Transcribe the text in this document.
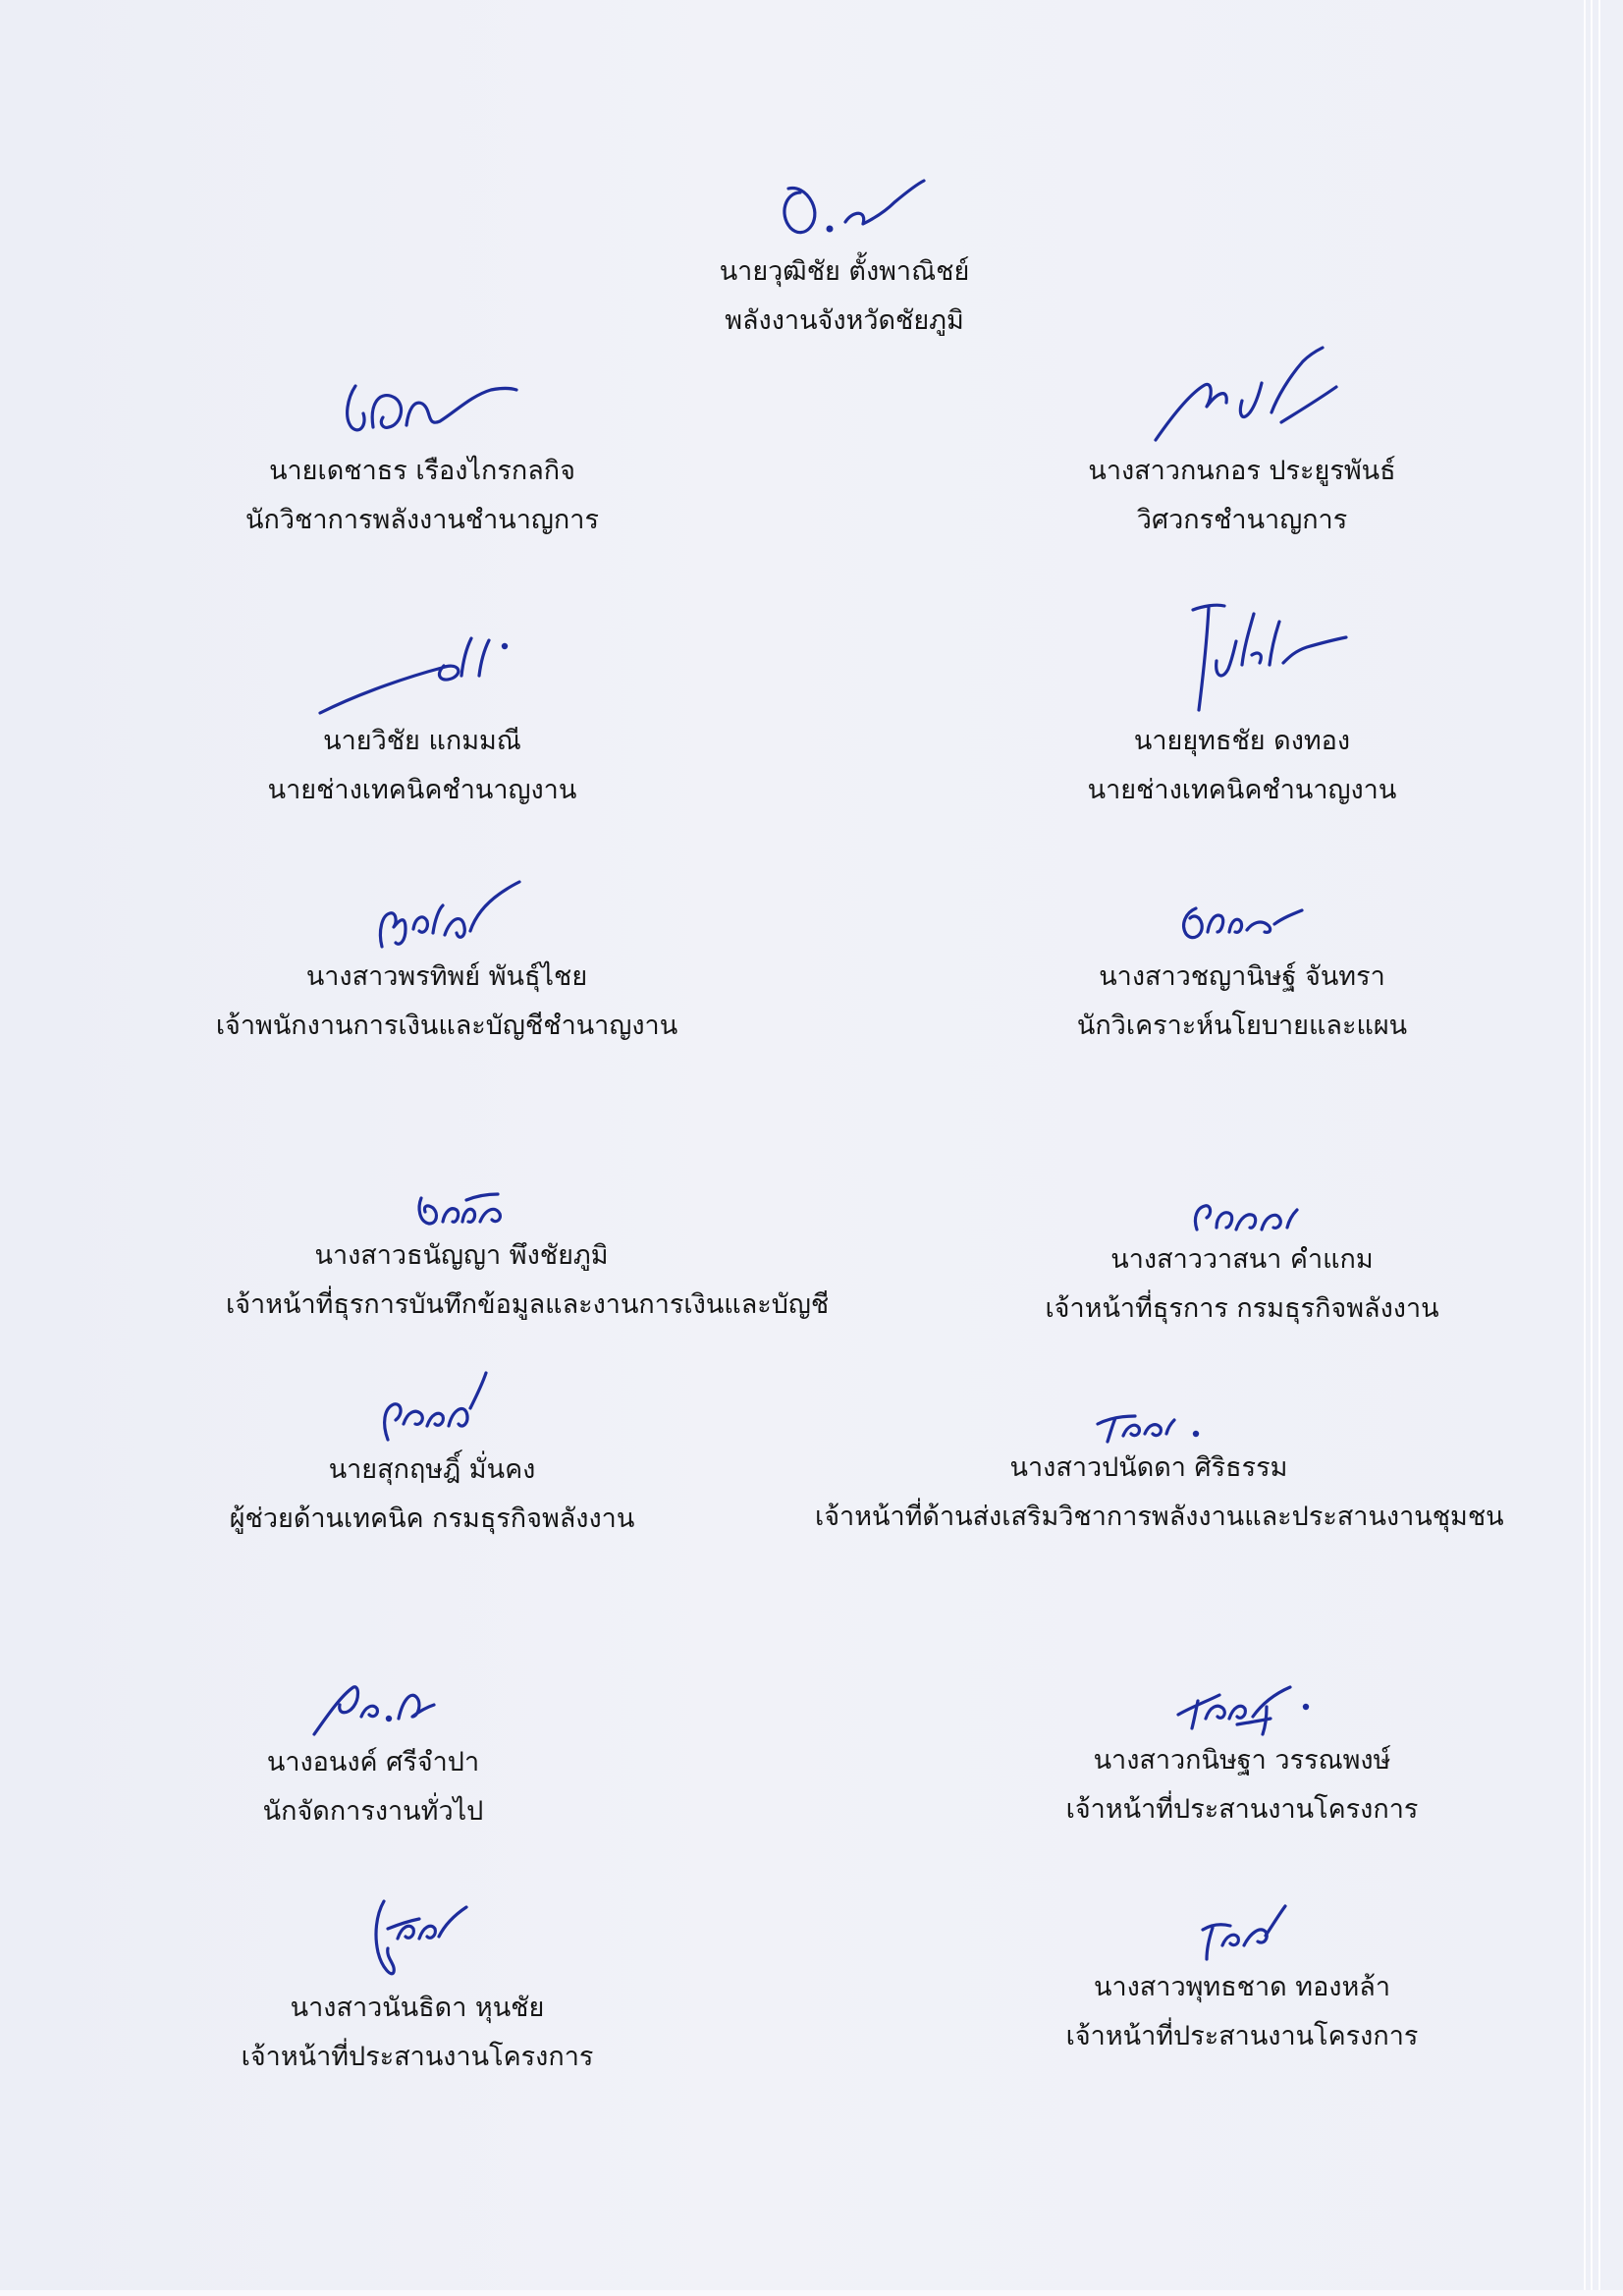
นายวุฒิชัย ตั้งพาณิชย์
พลังงานจังหวัดชัยภูมิ
นายเดชาธร เรืองไกรกลกิจ
นักวิชาการพลังงานชำนาญการ
นางสาวกนกอร ประยูรพันธ์
วิศวกรชำนาญการ
นายวิชัย แกมมณี
นายช่างเทคนิคชำนาญงาน
นายยุทธชัย ดงทอง
นายช่างเทคนิคชำนาญงาน
นางสาวพรทิพย์ พันธุ์ไชย
เจ้าพนักงานการเงินและบัญชีชำนาญงาน
นางสาวชญานิษฐ์ จันทรา
นักวิเคราะห์นโยบายและแผน
นางสาวธนัญญา พึงชัยภูมิ
เจ้าหน้าที่ธุรการบันทึกข้อมูลและงานการเงินและบัญชี
นางสาววาสนา คำแกม
เจ้าหน้าที่ธุรการ กรมธุรกิจพลังงาน
นายสุกฤษฎิ์ มั่นคง
ผู้ช่วยด้านเทคนิค กรมธุรกิจพลังงาน
นางสาวปนัดดา ศิริธรรม
เจ้าหน้าที่ด้านส่งเสริมวิชาการพลังงานและประสานงานชุมชน
นางอนงค์ ศรีจำปา
นักจัดการงานทั่วไป
นางสาวกนิษฐา วรรณพงษ์
เจ้าหน้าที่ประสานงานโครงการ
นางสาวนันธิดา หุนชัย
เจ้าหน้าที่ประสานงานโครงการ
นางสาวพุทธชาด ทองหล้า
เจ้าหน้าที่ประสานงานโครงการ
